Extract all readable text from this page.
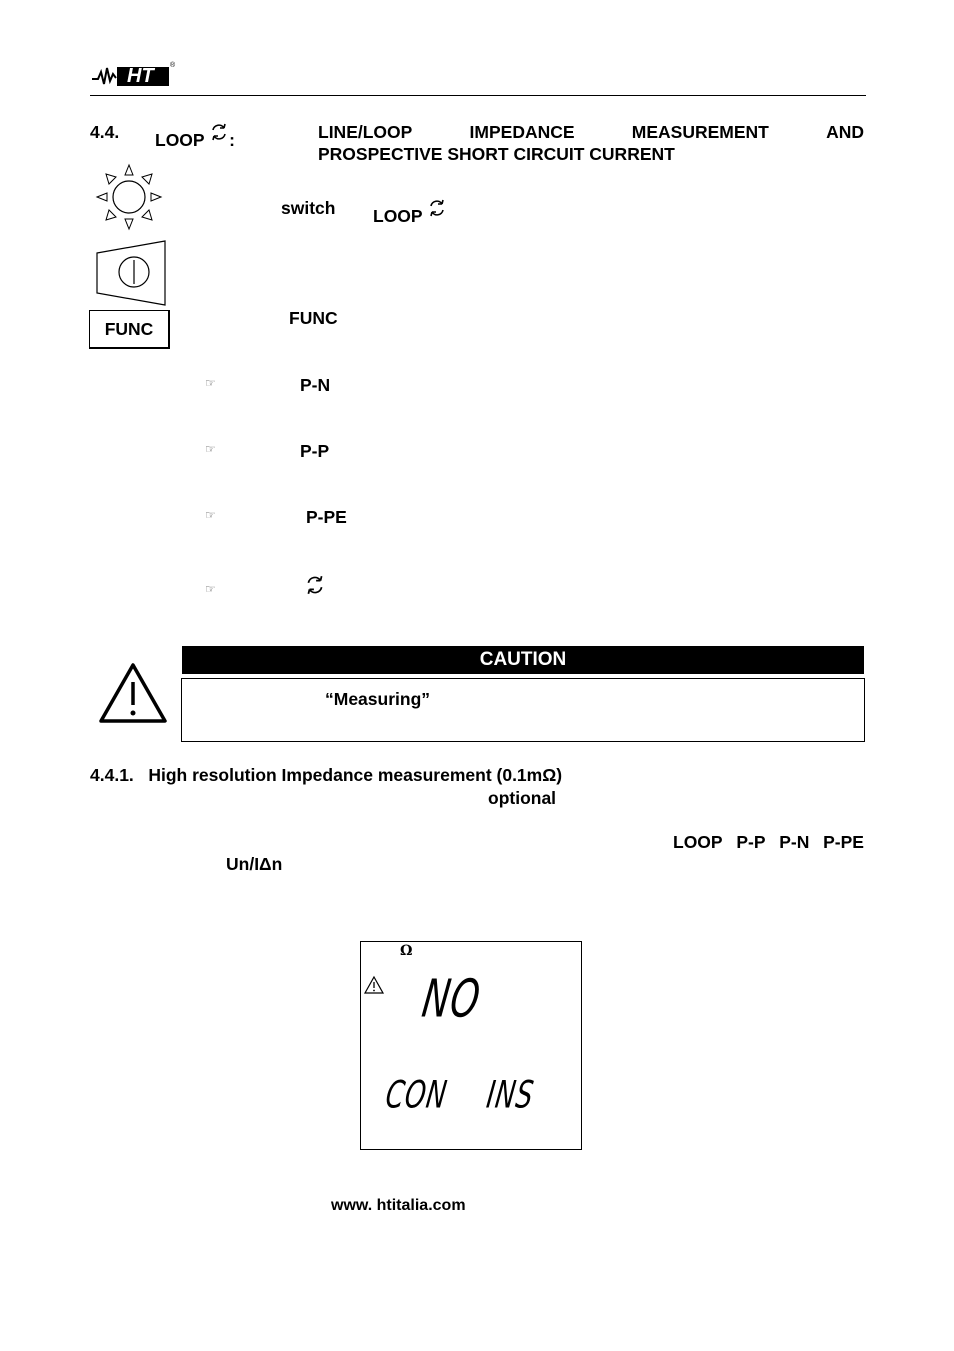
HT ®
4.4. LOOP :	LINE/LOOP	IMPEDANCE	MEASUREMENT	AND
PROSPECTIVE SHORT CIRCUIT CURRENT
switch LOOP
FUNC
FUNC
☞	P-N
☞	P-P
☞	P-PE
☞
CAUTION
“Measuring”
4.4.1.   High resolution Impedance measurement (0.1mΩ)
optional
LOOP P-P P-N P-PE
Un/IΔn
Ω
NO
CON INS
www. htitalia.com
